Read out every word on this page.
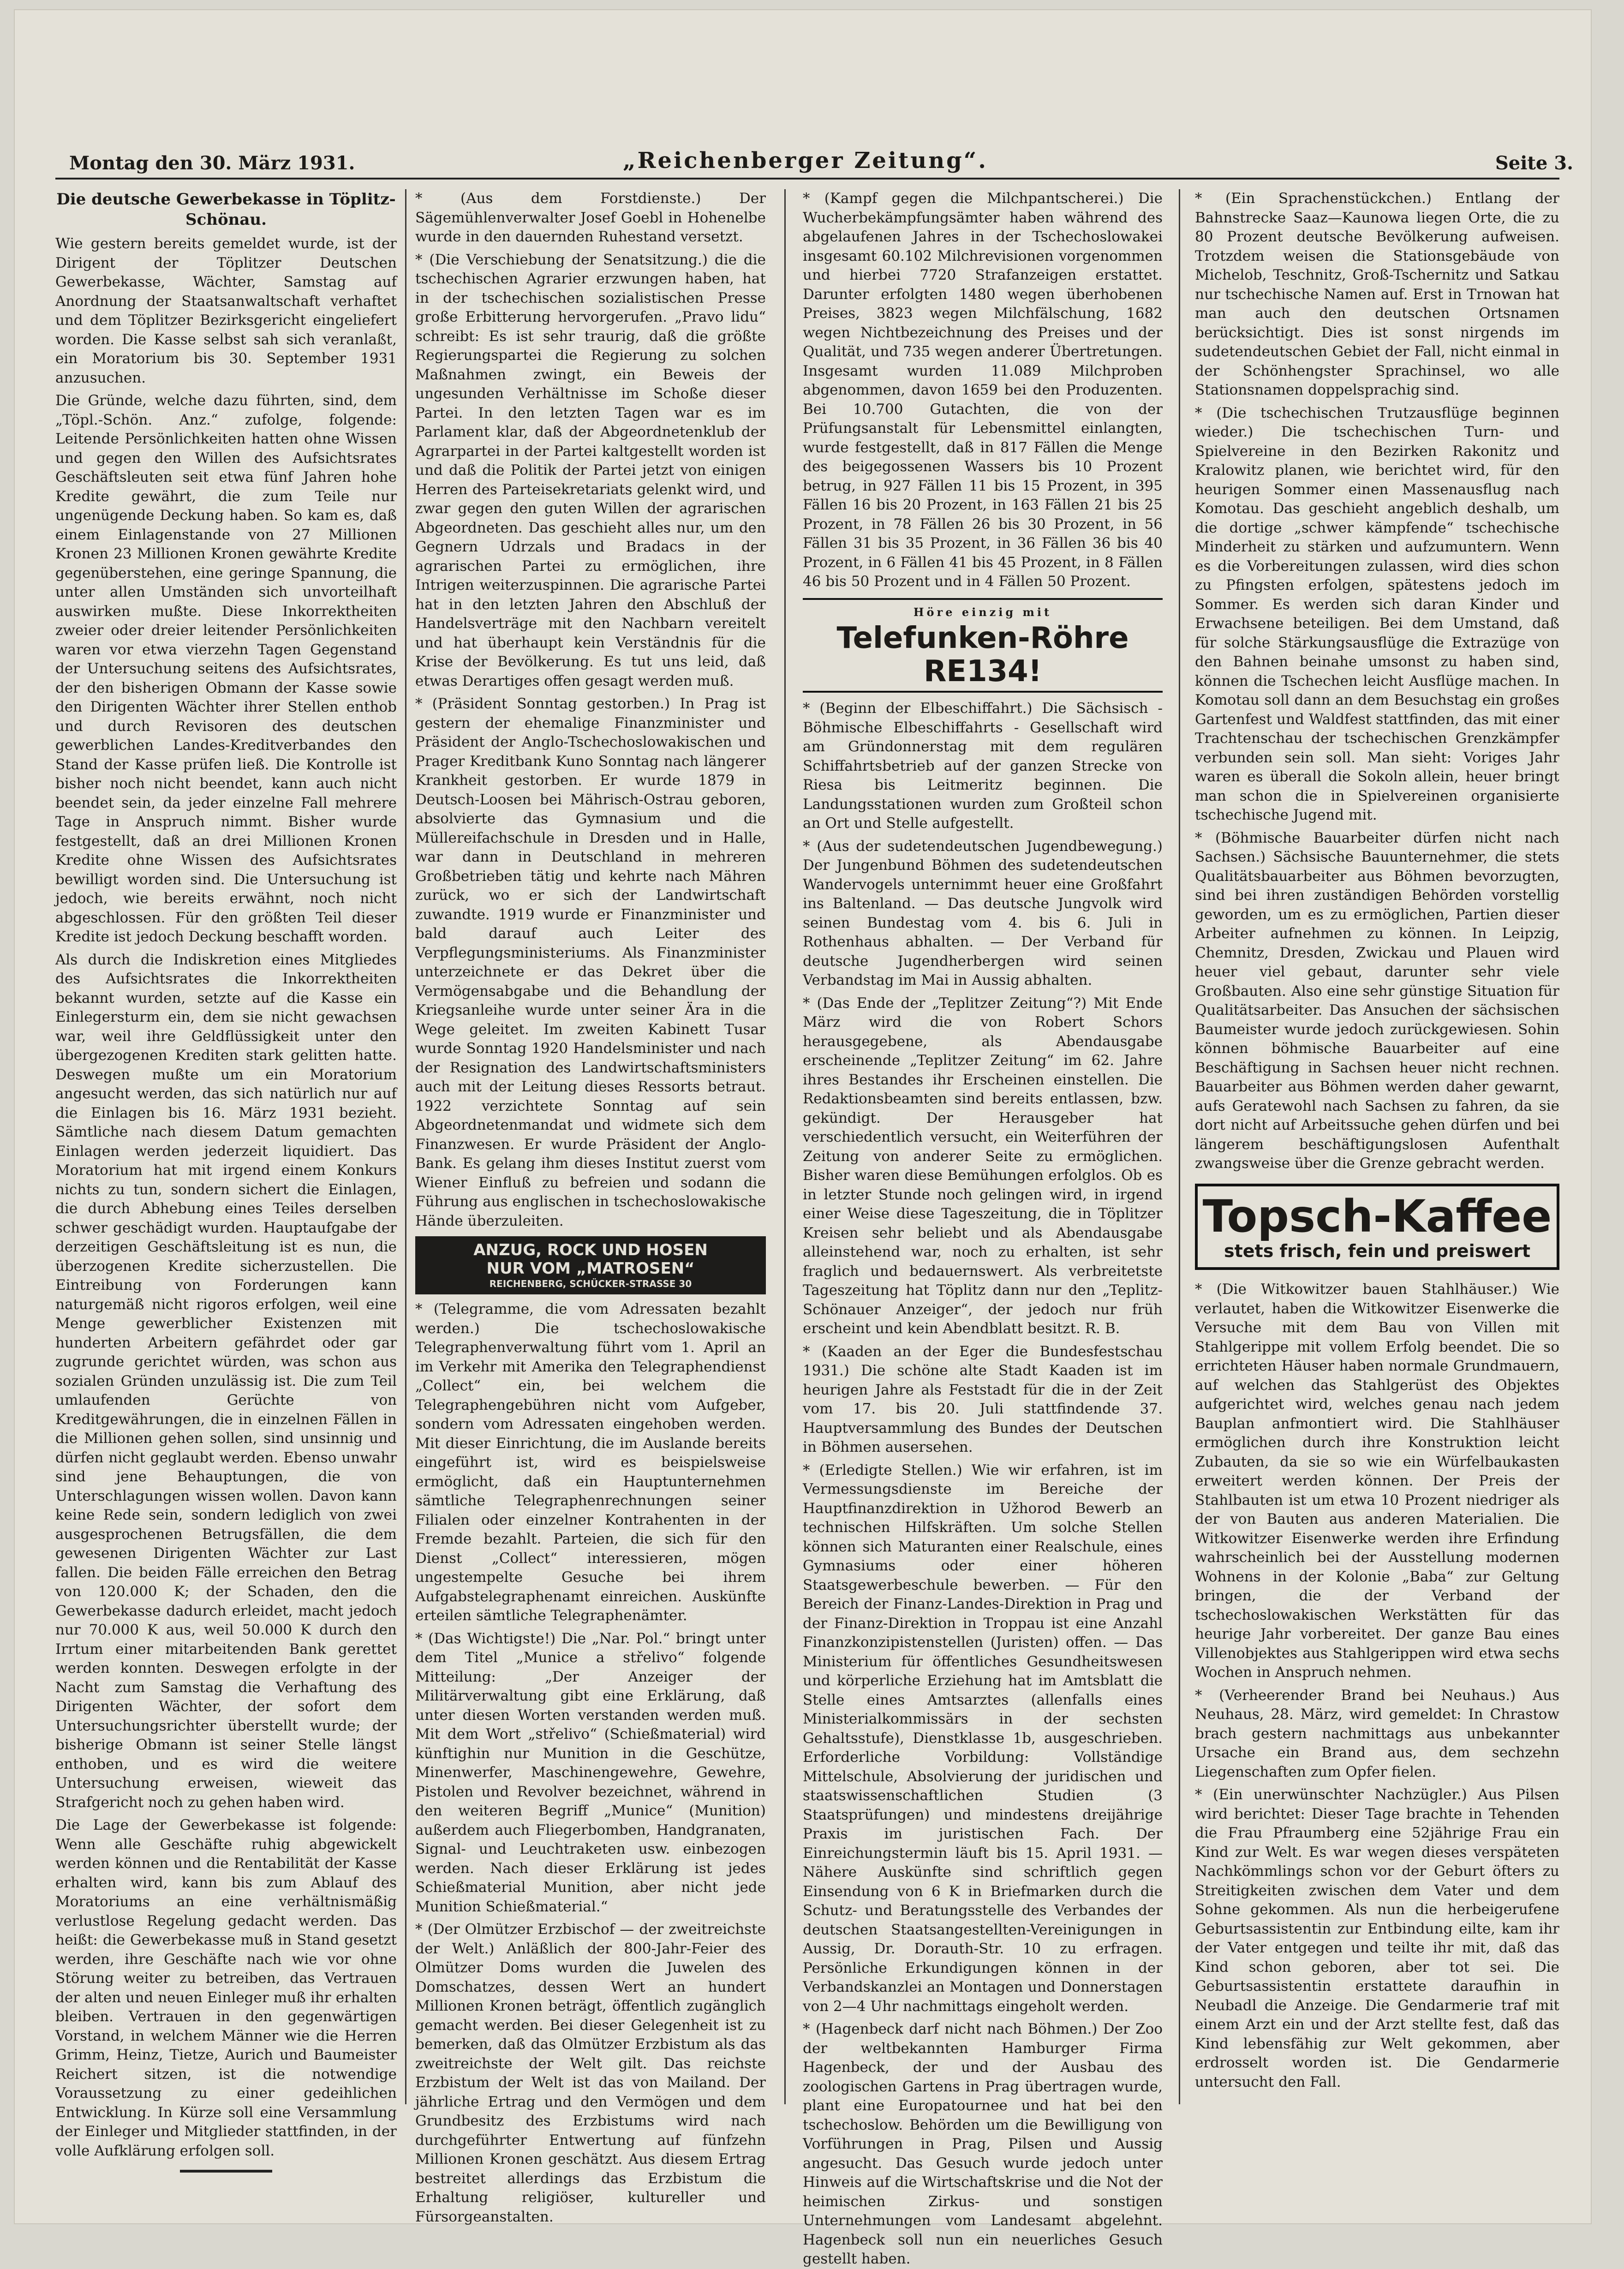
Montag den 30. März 1931.	„Reichenberger Zeitung“.	Seite 3.
Die deutsche Gewerbekasse in Töplitz-Schönau.

Wie gestern bereits gemeldet wurde, ist der Dirigent der Töplitzer Deutschen Gewerbekasse, Wächter, Samstag auf Anordnung der Staatsanwaltschaft verhaftet und dem Töplitzer Bezirksgericht eingeliefert worden. Die Kasse selbst sah sich veranlaßt, ein Moratorium bis 30. September 1931 anzusuchen.

Die Gründe, welche dazu führten, sind, dem „Töpl.-Schön. Anz.“ zufolge, folgende: Leitende Persönlichkeiten hatten ohne Wissen und gegen den Willen des Aufsichtsrates Geschäftsleuten seit etwa fünf Jahren hohe Kredite gewährt, die zum Teile nur ungenügende Deckung haben. So kam es, daß einem Einlagenstande von 27 Millionen Kronen 23 Millionen Kronen gewährte Kredite gegenüberstehen, eine geringe Spannung, die unter allen Umständen sich unvorteilhaft auswirken mußte. Diese Inkorrektheiten zweier oder dreier leitender Persönlichkeiten waren vor etwa vierzehn Tagen Gegenstand der Untersuchung seitens des Aufsichtsrates, der den bisherigen Obmann der Kasse sowie den Dirigenten Wächter ihrer Stellen enthob und durch Revisoren des deutschen gewerblichen Landes-Kreditverbandes den Stand der Kasse prüfen ließ. Die Kontrolle ist bisher noch nicht beendet, kann auch nicht beendet sein, da jeder einzelne Fall mehrere Tage in Anspruch nimmt. Bisher wurde festgestellt, daß an drei Millionen Kronen Kredite ohne Wissen des Aufsichtsrates bewilligt worden sind. Die Untersuchung ist jedoch, wie bereits erwähnt, noch nicht abgeschlossen. Für den größten Teil dieser Kredite ist jedoch Deckung beschafft worden.

Als durch die Indiskretion eines Mitgliedes des Aufsichtsrates die Inkorrektheiten bekannt wurden, setzte auf die Kasse ein Einlegersturm ein, dem sie nicht gewachsen war, weil ihre Geldflüssigkeit unter den übergezogenen Krediten stark gelitten hatte. Deswegen mußte um ein Moratorium angesucht werden, das sich natürlich nur auf die Einlagen bis 16. März 1931 bezieht. Sämtliche nach diesem Datum gemachten Einlagen werden jederzeit liquidiert. Das Moratorium hat mit irgend einem Konkurs nichts zu tun, sondern sichert die Einlagen, die durch Abhebung eines Teiles derselben schwer geschädigt wurden. Hauptaufgabe der derzeitigen Geschäftsleitung ist es nun, die überzogenen Kredite sicherzustellen. Die Eintreibung von Forderungen kann naturgemäß nicht rigoros erfolgen, weil eine Menge gewerblicher Existenzen mit hunderten Arbeitern gefährdet oder gar zugrunde gerichtet würden, was schon aus sozialen Gründen unzulässig ist. Die zum Teil umlaufenden Gerüchte von Kreditgewährungen, die in einzelnen Fällen in die Millionen gehen sollen, sind unsinnig und dürfen nicht geglaubt werden. Ebenso unwahr sind jene Behauptungen, die von Unterschlagungen wissen wollen. Davon kann keine Rede sein, sondern lediglich von zwei ausgesprochenen Betrugsfällen, die dem gewesenen Dirigenten Wächter zur Last fallen. Die beiden Fälle erreichen den Betrag von 120.000 K; der Schaden, den die Gewerbekasse dadurch erleidet, macht jedoch nur 70.000 K aus, weil 50.000 K durch den Irrtum einer mitarbeitenden Bank gerettet werden konnten. Deswegen erfolgte in der Nacht zum Samstag die Verhaftung des Dirigenten Wächter, der sofort dem Untersuchungsrichter überstellt wurde; der bisherige Obmann ist seiner Stelle längst enthoben, und es wird die weitere Untersuchung erweisen, wieweit das Strafgericht noch zu gehen haben wird.

Die Lage der Gewerbekasse ist folgende: Wenn alle Geschäfte ruhig abgewickelt werden können und die Rentabilität der Kasse erhalten wird, kann bis zum Ablauf des Moratoriums an eine verhältnismäßig verlustlose Regelung gedacht werden. Das heißt: die Gewerbekasse muß in Stand gesetzt werden, ihre Geschäfte nach wie vor ohne Störung weiter zu betreiben, das Vertrauen der alten und neuen Einleger muß ihr erhalten bleiben. Vertrauen in den gegenwärtigen Vorstand, in welchem Männer wie die Herren Grimm, Heinz, Tietze, Aurich und Baumeister Reichert sitzen, ist die notwendige Voraussetzung zu einer gedeihlichen Entwicklung. In Kürze soll eine Versammlung der Einleger und Mitglieder stattfinden, in der volle Aufklärung erfolgen soll.

* (Aus dem Forstdienste.) Der Sägemühlenverwalter Josef Goebl in Hohenelbe wurde in den dauernden Ruhestand versetzt.

* (Die Verschiebung der Senatsitzung.) die die tschechischen Agrarier erzwungen haben, hat in der tschechischen sozialistischen Presse große Erbitterung hervorgerufen. „Pravo lidu“ schreibt: Es ist sehr traurig, daß die größte Regierungspartei die Regierung zu solchen Maßnahmen zwingt, ein Beweis der ungesunden Verhältnisse im Schoße dieser Partei. In den letzten Tagen war es im Parlament klar, daß der Abgeordnetenklub der Agrarpartei in der Partei kaltgestellt worden ist und daß die Politik der Partei jetzt von einigen Herren des Parteisekretariats gelenkt wird, und zwar gegen den guten Willen der agrarischen Abgeordneten. Das geschieht alles nur, um den Gegnern Udrzals und Bradacs in der agrarischen Partei zu ermöglichen, ihre Intrigen weiterzuspinnen. Die agrarische Partei hat in den letzten Jahren den Abschluß der Handelsverträge mit den Nachbarn vereitelt und hat überhaupt kein Verständnis für die Krise der Bevölkerung. Es tut uns leid, daß etwas Derartiges offen gesagt werden muß.

* (Präsident Sonntag gestorben.) In Prag ist gestern der ehemalige Finanzminister und Präsident der Anglo-Tschechoslowakischen und Prager Kreditbank Kuno Sonntag nach längerer Krankheit gestorben. Er wurde 1879 in Deutsch-Loosen bei Mährisch-Ostrau geboren, absolvierte das Gymnasium und die Müllereifachschule in Dresden und in Halle, war dann in Deutschland in mehreren Großbetrieben tätig und kehrte nach Mähren zurück, wo er sich der Landwirtschaft zuwandte. 1919 wurde er Finanzminister und bald darauf auch Leiter des Verpflegungsministeriums. Als Finanzminister unterzeichnete er das Dekret über die Vermögensabgabe und die Behandlung der Kriegsanleihe wurde unter seiner Ära in die Wege geleitet. Im zweiten Kabinett Tusar wurde Sonntag 1920 Handelsminister und nach der Resignation des Landwirtschaftsministers auch mit der Leitung dieses Ressorts betraut. 1922 verzichtete Sonntag auf sein Abgeordnetenmandat und widmete sich dem Finanzwesen. Er wurde Präsident der Anglo-Bank. Es gelang ihm dieses Institut zuerst vom Wiener Einfluß zu befreien und sodann die Führung aus englischen in tschechoslowakische Hände überzuleiten.

ANZUG, ROCK UND HOSEN
NUR VOM „MATROSEN“
REICHENBERG, SCHÜCKER-STRASSE 30

* (Telegramme, die vom Adressaten bezahlt werden.) Die tschechoslowakische Telegraphenverwaltung führt vom 1. April an im Verkehr mit Amerika den Telegraphendienst „Collect“ ein, bei welchem die Telegraphengebühren nicht vom Aufgeber, sondern vom Adressaten eingehoben werden. Mit dieser Einrichtung, die im Auslande bereits eingeführt ist, wird es beispielsweise ermöglicht, daß ein Hauptunternehmen sämtliche Telegraphenrechnungen seiner Filialen oder einzelner Kontrahenten in der Fremde bezahlt. Parteien, die sich für den Dienst „Collect“ interessieren, mögen ungestempelte Gesuche bei ihrem Aufgabstelegraphenamt einreichen. Auskünfte erteilen sämtliche Telegraphenämter.

* (Das Wichtigste!) Die „Nar. Pol.“ bringt unter dem Titel „Munice a střelivo“ folgende Mitteilung: „Der Anzeiger der Militärverwaltung gibt eine Erklärung, daß unter diesen Worten verstanden werden muß. Mit dem Wort „střelivo“ (Schießmaterial) wird künftighin nur Munition in die Geschütze, Minenwerfer, Maschinengewehre, Gewehre, Pistolen und Revolver bezeichnet, während in den weiteren Begriff „Munice“ (Munition) außerdem auch Fliegerbomben, Handgranaten, Signal- und Leuchtraketen usw. einbezogen werden. Nach dieser Erklärung ist jedes Schießmaterial Munition, aber nicht jede Munition Schießmaterial.“

* (Der Olmützer Erzbischof — der zweitreichste der Welt.) Anläßlich der 800-Jahr-Feier des Olmützer Doms wurden die Juwelen des Domschatzes, dessen Wert an hundert Millionen Kronen beträgt, öffentlich zugänglich gemacht werden. Bei dieser Gelegenheit ist zu bemerken, daß das Olmützer Erzbistum als das zweitreichste der Welt gilt. Das reichste Erzbistum der Welt ist das von Mailand. Der jährliche Ertrag und den Vermögen und dem Grundbesitz des Erzbistums wird nach durchgeführter Entwertung auf fünfzehn Millionen Kronen geschätzt. Aus diesem Ertrag bestreitet allerdings das Erzbistum die Erhaltung religiöser, kultureller und Fürsorgeanstalten.

* (Kampf gegen die Milchpantscherei.) Die Wucherbekämpfungsämter haben während des abgelaufenen Jahres in der Tschechoslowakei insgesamt 60.102 Milchrevisionen vorgenommen und hierbei 7720 Strafanzeigen erstattet. Darunter erfolgten 1480 wegen überhobenen Preises, 3823 wegen Milchfälschung, 1682 wegen Nichtbezeichnung des Preises und der Qualität, und 735 wegen anderer Übertretungen. Insgesamt wurden 11.089 Milchproben abgenommen, davon 1659 bei den Produzenten. Bei 10.700 Gutachten, die von der Prüfungsanstalt für Lebensmittel einlangten, wurde festgestellt, daß in 817 Fällen die Menge des beigegossenen Wassers bis 10 Prozent betrug, in 927 Fällen 11 bis 15 Prozent, in 395 Fällen 16 bis 20 Prozent, in 163 Fällen 21 bis 25 Prozent, in 78 Fällen 26 bis 30 Prozent, in 56 Fällen 31 bis 35 Prozent, in 36 Fällen 36 bis 40 Prozent, in 6 Fällen 41 bis 45 Prozent, in 8 Fällen 46 bis 50 Prozent und in 4 Fällen 50 Prozent.

Höre einzig mit
Telefunken-Röhre RE134!

* (Beginn der Elbeschiffahrt.) Die Sächsisch - Böhmische Elbeschiffahrts - Gesellschaft wird am Gründonnerstag mit dem regulären Schiffahrtsbetrieb auf der ganzen Strecke von Riesa bis Leitmeritz beginnen. Die Landungsstationen wurden zum Großteil schon an Ort und Stelle aufgestellt.

* (Aus der sudetendeutschen Jugendbewegung.) Der Jungenbund Böhmen des sudetendeutschen Wandervogels unternimmt heuer eine Großfahrt ins Baltenland. — Das deutsche Jungvolk wird seinen Bundestag vom 4. bis 6. Juli in Rothenhaus abhalten. — Der Verband für deutsche Jugendherbergen wird seinen Verbandstag im Mai in Aussig abhalten.

* (Das Ende der „Teplitzer Zeitung“?) Mit Ende März wird die von Robert Schors herausgegebene, als Abendausgabe erscheinende „Teplitzer Zeitung“ im 62. Jahre ihres Bestandes ihr Erscheinen einstellen. Die Redaktionsbeamten sind bereits entlassen, bzw. gekündigt. Der Herausgeber hat verschiedentlich versucht, ein Weiterführen der Zeitung von anderer Seite zu ermöglichen. Bisher waren diese Bemühungen erfolglos. Ob es in letzter Stunde noch gelingen wird, in irgend einer Weise diese Tageszeitung, die in Töplitzer Kreisen sehr beliebt und als Abendausgabe alleinstehend war, noch zu erhalten, ist sehr fraglich und bedauernswert. Als verbreitetste Tageszeitung hat Töplitz dann nur den „Teplitz-Schönauer Anzeiger“, der jedoch nur früh erscheint und kein Abendblatt besitzt. R. B.

* (Kaaden an der Eger die Bundesfestschau 1931.) Die schöne alte Stadt Kaaden ist im heurigen Jahre als Feststadt für die in der Zeit vom 17. bis 20. Juli stattfindende 37. Hauptversammlung des Bundes der Deutschen in Böhmen ausersehen.

* (Erledigte Stellen.) Wie wir erfahren, ist im Vermessungsdienste im Bereiche der Hauptfinanzdirektion in Užhorod Bewerb an technischen Hilfskräften. Um solche Stellen können sich Maturanten einer Realschule, eines Gymnasiums oder einer höheren Staatsgewerbeschule bewerben. — Für den Bereich der Finanz-Landes-Direktion in Prag und der Finanz-Direktion in Troppau ist eine Anzahl Finanzkonzipistenstellen (Juristen) offen. — Das Ministerium für öffentliches Gesundheitswesen und körperliche Erziehung hat im Amtsblatt die Stelle eines Amtsarztes (allenfalls eines Ministerialkommissärs in der sechsten Gehaltsstufe), Dienstklasse 1b, ausgeschrieben. Erforderliche Vorbildung: Vollständige Mittelschule, Absolvierung der juridischen und staatswissenschaftlichen Studien (3 Staatsprüfungen) und mindestens dreijährige Praxis im juristischen Fach. Der Einreichungstermin läuft bis 15. April 1931. — Nähere Auskünfte sind schriftlich gegen Einsendung von 6 K in Briefmarken durch die Schutz- und Beratungsstelle des Verbandes der deutschen Staatsangestellten-Vereinigungen in Aussig, Dr. Dorauth-Str. 10 zu erfragen. Persönliche Erkundigungen können in der Verbandskanzlei an Montagen und Donnerstagen von 2—4 Uhr nachmittags eingeholt werden.

* (Hagenbeck darf nicht nach Böhmen.) Der Zoo der weltbekannten Hamburger Firma Hagenbeck, der und der Ausbau des zoologischen Gartens in Prag übertragen wurde, plant eine Europatournee und hat bei den tschechoslow. Behörden um die Bewilligung von Vorführungen in Prag, Pilsen und Aussig angesucht. Das Gesuch wurde jedoch unter Hinweis auf die Wirtschaftskrise und die Not der heimischen Zirkus- und sonstigen Unternehmungen vom Landesamt abgelehnt. Hagenbeck soll nun ein neuerliches Gesuch gestellt haben.

* (Ein Sprachenstückchen.) Entlang der Bahnstrecke Saaz—Kaunowa liegen Orte, die zu 80 Prozent deutsche Bevölkerung aufweisen. Trotzdem weisen die Stationsgebäude von Michelob, Teschnitz, Groß-Tschernitz und Satkau nur tschechische Namen auf. Erst in Trnowan hat man auch den deutschen Ortsnamen berücksichtigt. Dies ist sonst nirgends im sudetendeutschen Gebiet der Fall, nicht einmal in der Schönhengster Sprachinsel, wo alle Stationsnamen doppelsprachig sind.

* (Die tschechischen Trutzausflüge beginnen wieder.) Die tschechischen Turn- und Spielvereine in den Bezirken Rakonitz und Kralowitz planen, wie berichtet wird, für den heurigen Sommer einen Massenausflug nach Komotau. Das geschieht angeblich deshalb, um die dortige „schwer kämpfende“ tschechische Minderheit zu stärken und aufzumuntern. Wenn es die Vorbereitungen zulassen, wird dies schon zu Pfingsten erfolgen, spätestens jedoch im Sommer. Es werden sich daran Kinder und Erwachsene beteiligen. Bei dem Umstand, daß für solche Stärkungsausflüge die Extrazüge von den Bahnen beinahe umsonst zu haben sind, können die Tschechen leicht Ausflüge machen. In Komotau soll dann an dem Besuchstag ein großes Gartenfest und Waldfest stattfinden, das mit einer Trachtenschau der tschechischen Grenzkämpfer verbunden sein soll. Man sieht: Voriges Jahr waren es überall die Sokoln allein, heuer bringt man schon die in Spielvereinen organisierte tschechische Jugend mit.

* (Böhmische Bauarbeiter dürfen nicht nach Sachsen.) Sächsische Bauunternehmer, die stets Qualitätsbauarbeiter aus Böhmen bevorzugten, sind bei ihren zuständigen Behörden vorstellig geworden, um es zu ermöglichen, Partien dieser Arbeiter aufnehmen zu können. In Leipzig, Chemnitz, Dresden, Zwickau und Plauen wird heuer viel gebaut, darunter sehr viele Großbauten. Also eine sehr günstige Situation für Qualitätsarbeiter. Das Ansuchen der sächsischen Baumeister wurde jedoch zurückgewiesen. Sohin können böhmische Bauarbeiter auf eine Beschäftigung in Sachsen heuer nicht rechnen. Bauarbeiter aus Böhmen werden daher gewarnt, aufs Geratewohl nach Sachsen zu fahren, da sie dort nicht auf Arbeitssuche gehen dürfen und bei längerem beschäftigungslosen Aufenthalt zwangsweise über die Grenze gebracht werden.

Topsch-Kaffee
stets frisch, fein und preiswert

* (Die Witkowitzer bauen Stahlhäuser.) Wie verlautet, haben die Witkowitzer Eisenwerke die Versuche mit dem Bau von Villen mit Stahlgerippe mit vollem Erfolg beendet. Die so errichteten Häuser haben normale Grundmauern, auf welchen das Stahlgerüst des Objektes aufgerichtet wird, welches genau nach jedem Bauplan anfmontiert wird. Die Stahlhäuser ermöglichen durch ihre Konstruktion leicht Zubauten, da sie so wie ein Würfelbaukasten erweitert werden können. Der Preis der Stahlbauten ist um etwa 10 Prozent niedriger als der von Bauten aus anderen Materialien. Die Witkowitzer Eisenwerke werden ihre Erfindung wahrscheinlich bei der Ausstellung modernen Wohnens in der Kolonie „Baba“ zur Geltung bringen, die der Verband der tschechoslowakischen Werkstätten für das heurige Jahr vorbereitet. Der ganze Bau eines Villenobjektes aus Stahlgerippen wird etwa sechs Wochen in Anspruch nehmen.

* (Verheerender Brand bei Neuhaus.) Aus Neuhaus, 28. März, wird gemeldet: In Chrastow brach gestern nachmittags aus unbekannter Ursache ein Brand aus, dem sechzehn Liegenschaften zum Opfer fielen.

* (Ein unerwünschter Nachzügler.) Aus Pilsen wird berichtet: Dieser Tage brachte in Tehenden die Frau Pfraumberg eine 52jährige Frau ein Kind zur Welt. Es war wegen dieses verspäteten Nachkömmlings schon vor der Geburt öfters zu Streitigkeiten zwischen dem Vater und dem Sohne gekommen. Als nun die herbeigerufene Geburtsassistentin zur Entbindung eilte, kam ihr der Vater entgegen und teilte ihr mit, daß das Kind schon geboren, aber tot sei. Die Geburtsassistentin erstattete daraufhin in Neubadl die Anzeige. Die Gendarmerie traf mit einem Arzt ein und der Arzt stellte fest, daß das Kind lebensfähig zur Welt gekommen, aber erdrosselt worden ist. Die Gendarmerie untersucht den Fall.
